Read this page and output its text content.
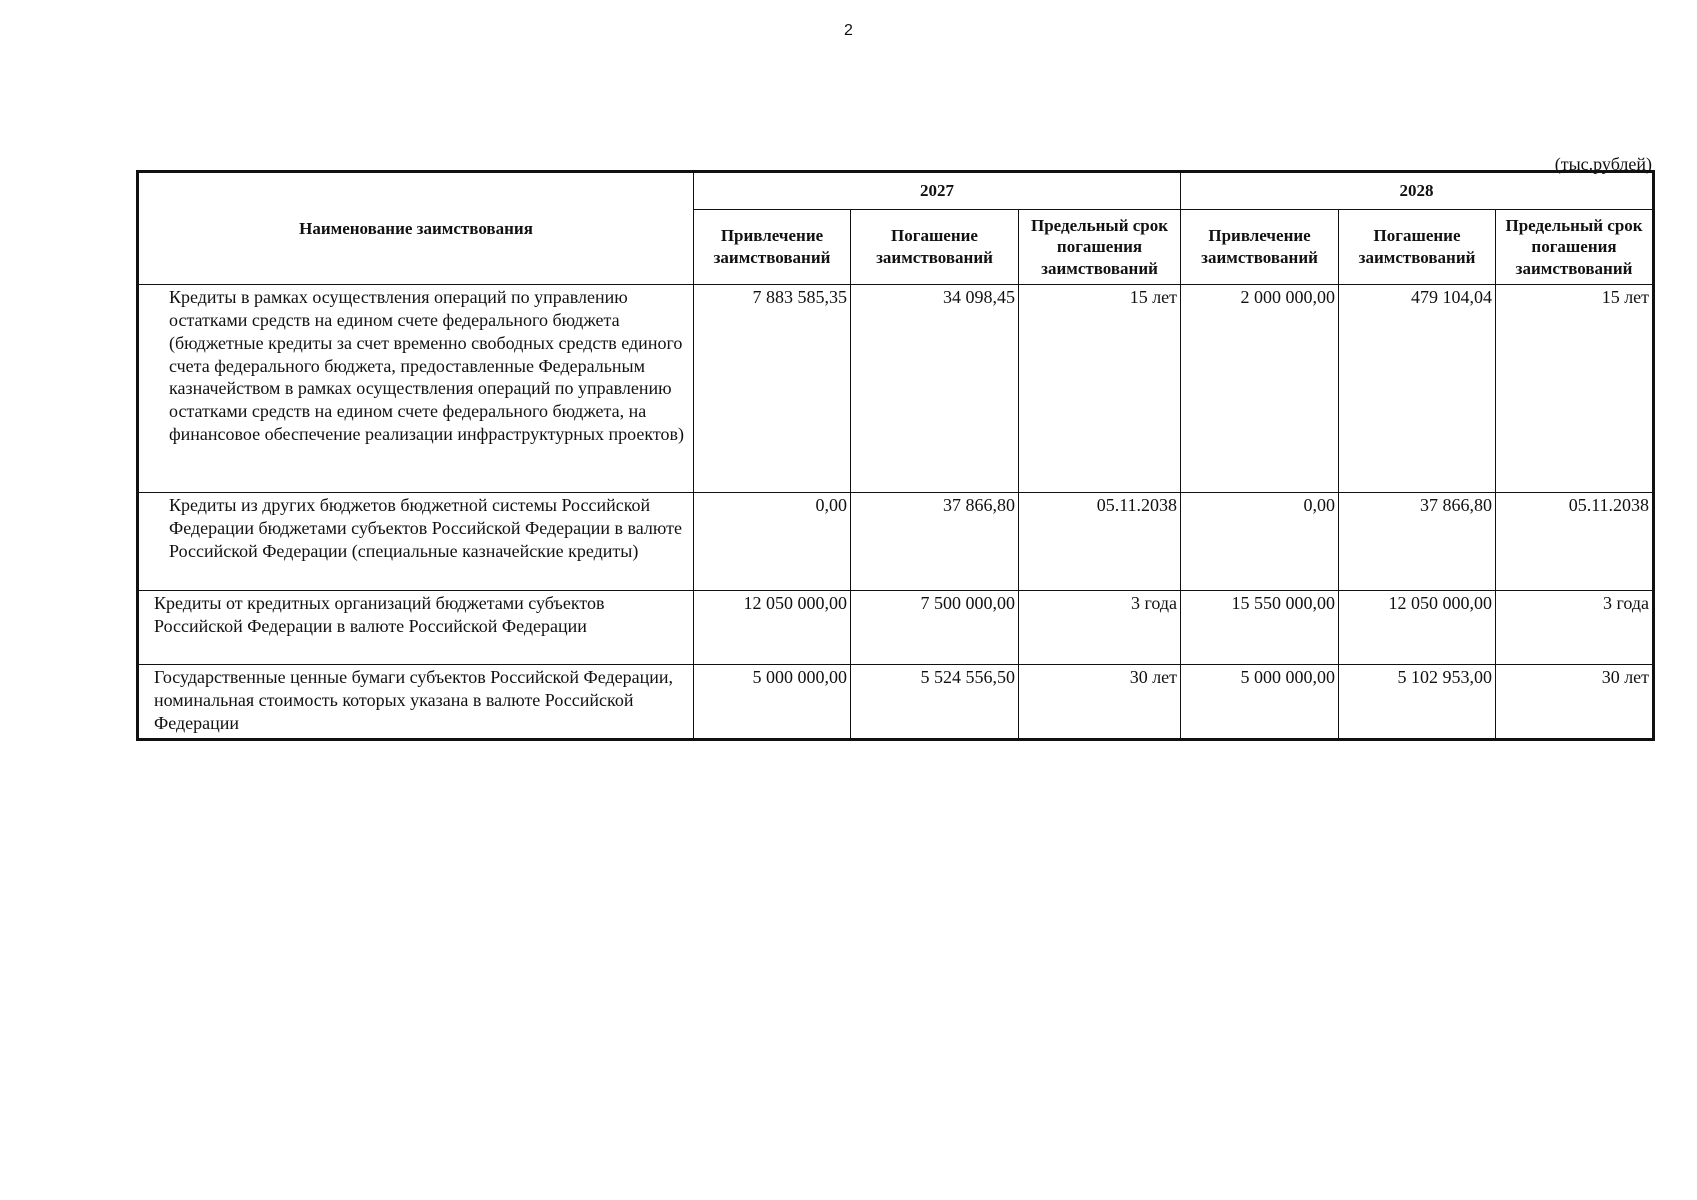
2
(тыс.рублей)
Наименование заимствования	2027			2028		
	Привлечение заимствований	Погашение заимствований	Предельный срок погашения заимствований	Привлечение заимствований	Погашение заимствований	Предельный срок погашения заимствований
Кредиты в рамках осуществления операций по управлению остатками средств на едином счете федерального бюджета (бюджетные кредиты за счет временно свободных средств единого счета федерального бюджета, предоставленные Федеральным казначейством в рамках осуществления операций по управлению остатками средств на едином счете федерального бюджета, на финансовое обеспечение реализации инфраструктурных проектов)	7 883 585,35	34 098,45	15 лет	2 000 000,00	479 104,04	15 лет
Кредиты из других бюджетов бюджетной системы Российской Федерации бюджетами субъектов Российской Федерации в валюте Российской Федерации (специальные казначейские кредиты)	0,00	37 866,80	05.11.2038	0,00	37 866,80	05.11.2038
Кредиты от кредитных организаций бюджетами субъектов Российской Федерации в валюте Российской Федерации	12 050 000,00	7 500 000,00	3 года	15 550 000,00	12 050 000,00	3 года
Государственные ценные бумаги субъектов Российской Федерации, номинальная стоимость которых указана в валюте Российской Федерации	5 000 000,00	5 524 556,50	30 лет	5 000 000,00	5 102 953,00	30 лет
